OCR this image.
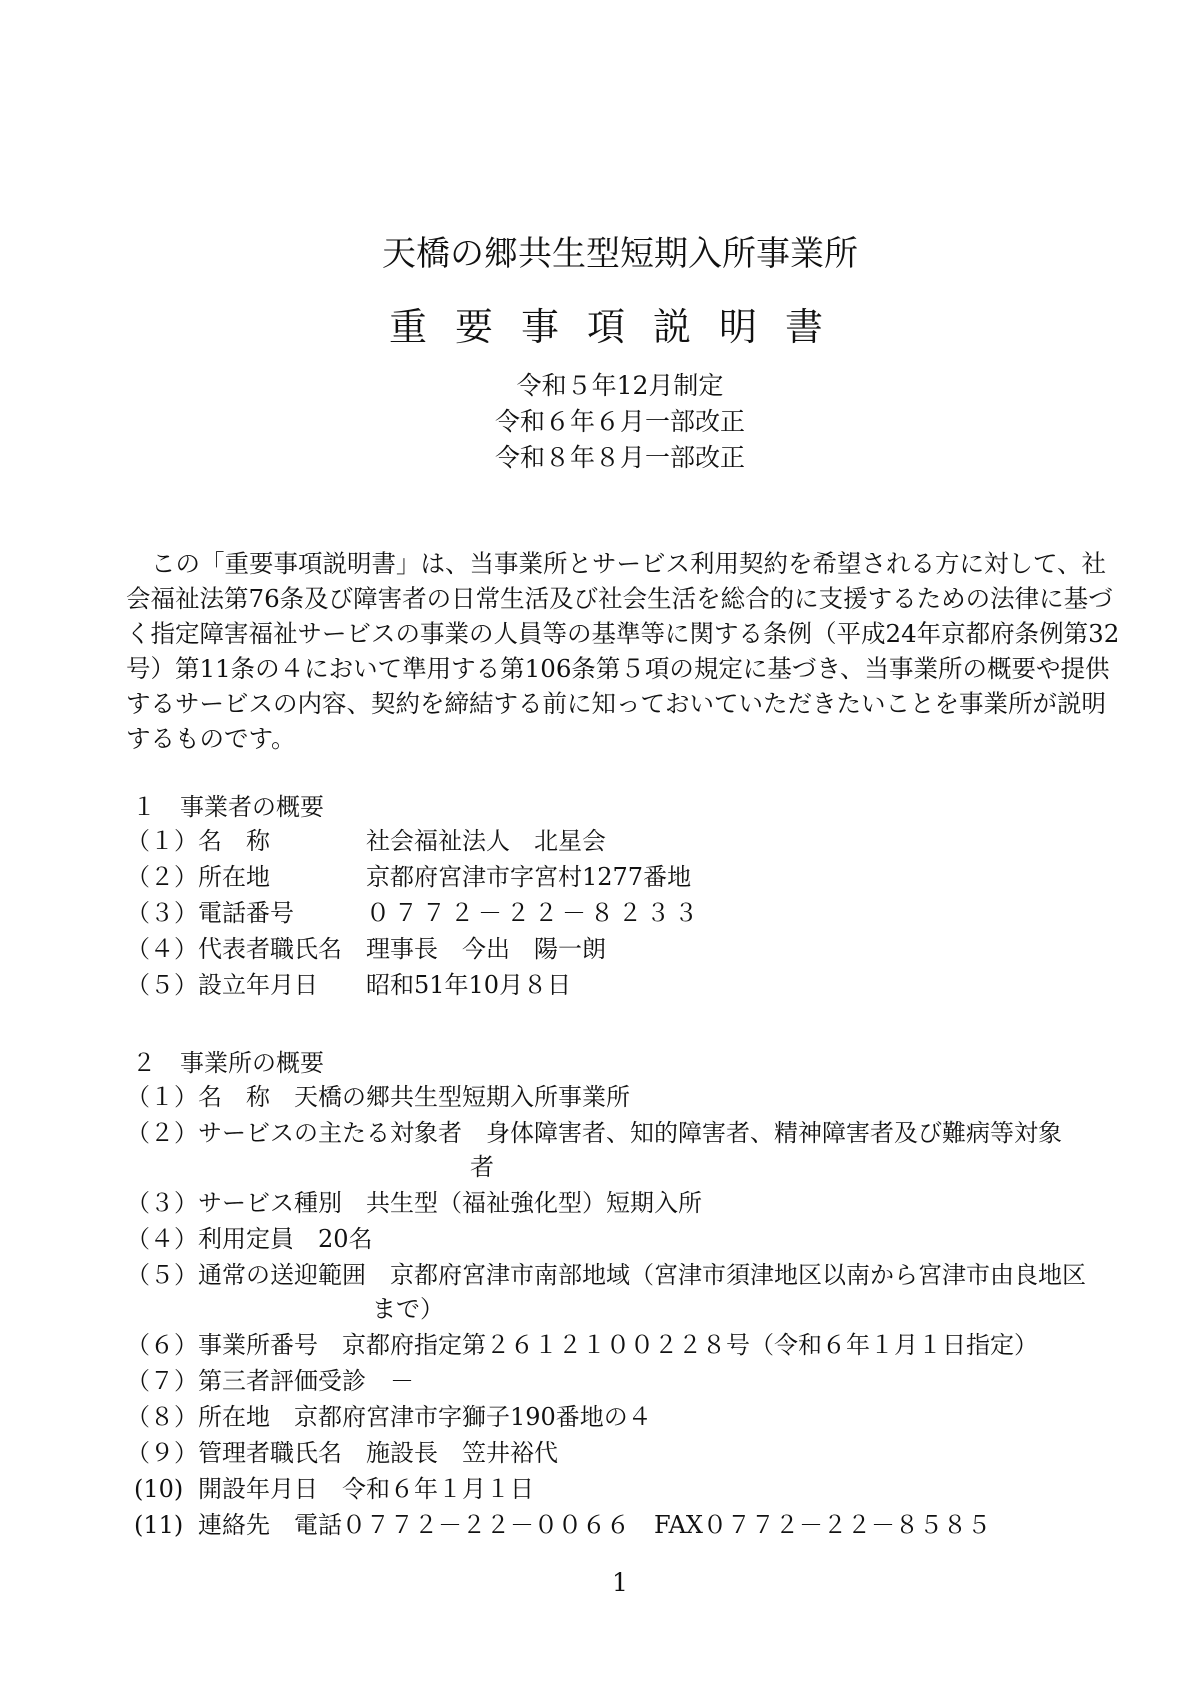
天橋の郷共生型短期入所事業所
重要事項説明書
令和５年12月制定
令和６年６月一部改正
令和８年８月一部改正
この「重要事項説明書」は、当事業所とサービス利用契約を希望される方に対して、社会福祉法第76条及び障害者の日常生活及び社会生活を総合的に支援するための法律に基づく指定障害福祉サービスの事業の人員等の基準等に関する条例（平成24年京都府条例第32号）第11条の４において準用する第106条第５項の規定に基づき、当事業所の概要や提供するサービスの内容、契約を締結する前に知っておいていただきたいことを事業所が説明するものです。
１　事業者の概要
（１） 名　称	社会福祉法人　北星会
（２） 所在地	京都府宮津市字宮村1277番地
（３） 電話番号	０７７２－２２－８２３３
（４） 代表者職氏名 理事長　今出　陽一朗
（５） 設立年月日 昭和51年10月８日
２　事業所の概要
（１） 名　称　天橋の郷共生型短期入所事業所
（２） サービスの主たる対象者　身体障害者、知的障害者、精神障害者及び難病等対象
者
（３） サービス種別　共生型（福祉強化型）短期入所
（４） 利用定員　20名
（５） 通常の送迎範囲　京都府宮津市南部地域（宮津市須津地区以南から宮津市由良地区
まで）
（６） 事業所番号　京都府指定第２６１２１００２２８号（令和６年１月１日指定）
（７） 第三者評価受診　－
（８） 所在地　京都府宮津市字獅子190番地の４
（９） 管理者職氏名　施設長　笠井裕代
(10) 開設年月日　令和６年１月１日
(11) 連絡先　電話０７７２－２２－００６６　FAX０７７２－２２－８５８５
1
